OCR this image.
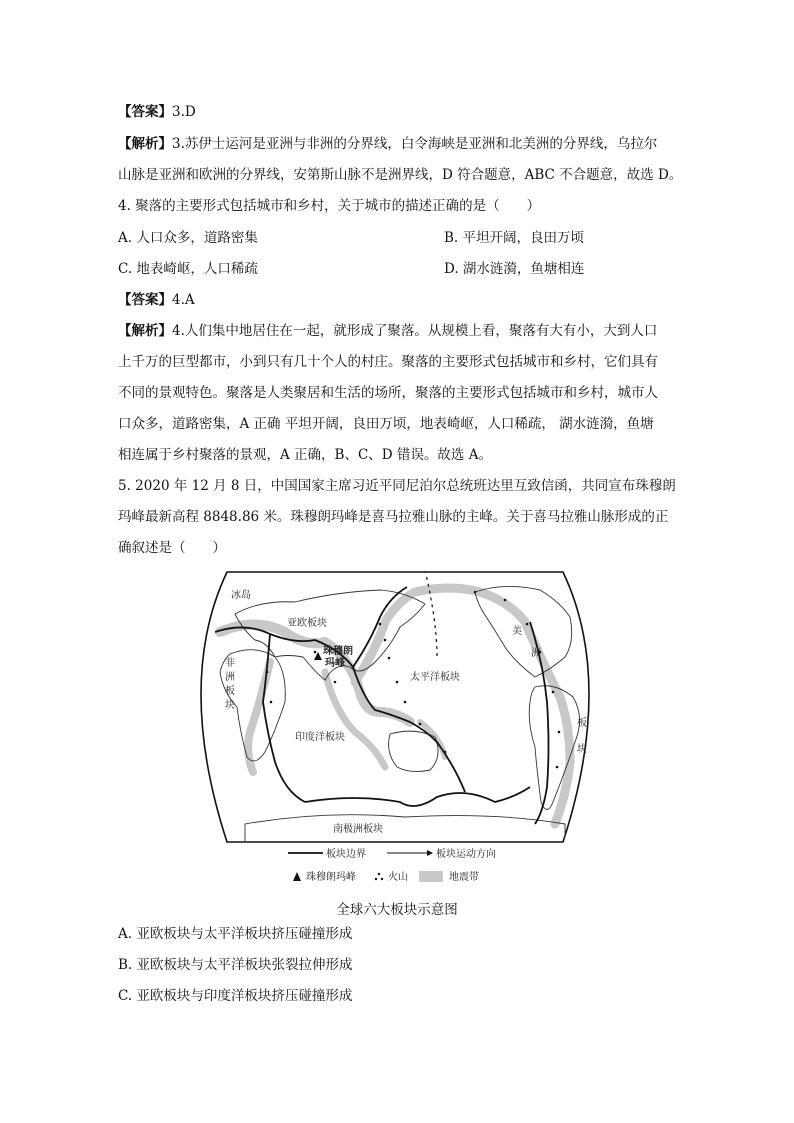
【答案】3.D
【解析】3.苏伊士运河是亚洲与非洲的分界线，白令海峡是亚洲和北美洲的分界线，乌拉尔
山脉是亚洲和欧洲的分界线，安第斯山脉不是洲界线，D 符合题意，ABC 不合题意，故选 D。
4. 聚落的主要形式包括城市和乡村，关于城市的描述正确的是（　　）
A. 人口众多，道路密集	B. 平坦开阔，良田万顷
C. 地表崎岖，人口稀疏	D. 湖水涟漪，鱼塘相连
【答案】4.A
【解析】4.人们集中地居住在一起，就形成了聚落。从规模上看，聚落有大有小，大到人口
上千万的巨型都市，小到只有几十个人的村庄。聚落的主要形式包括城市和乡村，它们具有
不同的景观特色。聚落是人类聚居和生活的场所，聚落的主要形式包括城市和乡村，城市人
口众多，道路密集，A 正确 平坦开阔，良田万顷，地表崎岖，人口稀疏， 湖水涟漪，鱼塘
相连属于乡村聚落的景观，A 正确，B、C、D 错误。故选 A。
5. 2020 年 12 月 8 日，中国国家主席习近平同尼泊尔总统班达里互致信函，共同宣布珠穆朗
玛峰最新高程 8848.86 米。珠穆朗玛峰是喜马拉雅山脉的主峰。关于喜马拉雅山脉形成的正
确叙述是（　　）
冰岛
亚欧板块
珠穆朗
玛峰
非
洲
板
块
太平洋板块
印度洋板块
美
洲
板
块
南极洲板块
板块边界	板块运动方向
珠穆朗玛峰	火山	地震带
全球六大板块示意图
A. 亚欧板块与太平洋板块挤压碰撞形成
B. 亚欧板块与太平洋板块张裂拉伸形成
C. 亚欧板块与印度洋板块挤压碰撞形成
